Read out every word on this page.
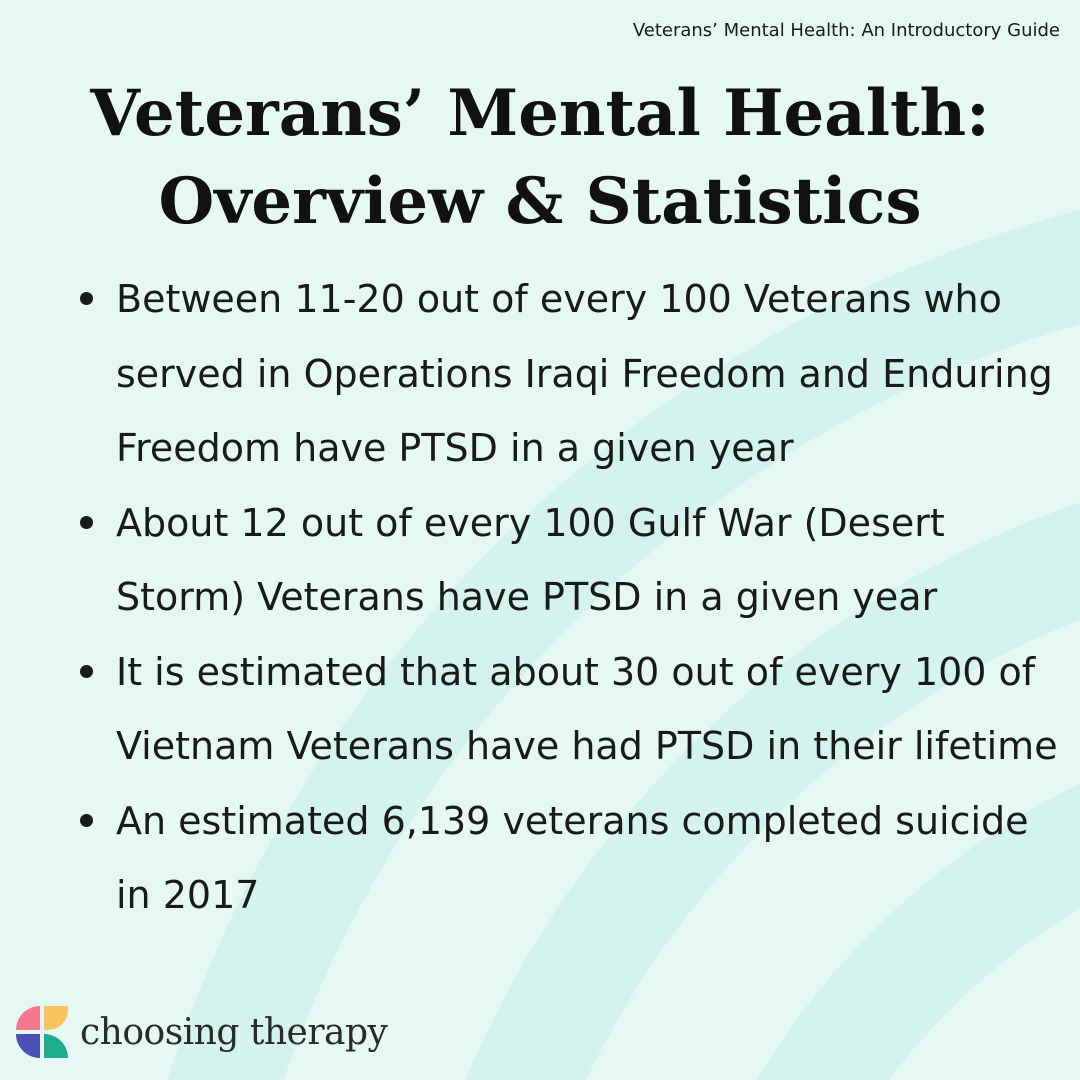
Veterans’ Mental Health: An Introductory Guide
Veterans’ Mental Health:
Overview & Statistics
Between 11-20 out of every 100 Veterans who served in Operations Iraqi Freedom and Enduring Freedom have PTSD in a given year
About 12 out of every 100 Gulf War (Desert Storm) Veterans have PTSD in a given year
It is estimated that about 30 out of every 100 of Vietnam Veterans have had PTSD in their lifetime
An estimated 6,139 veterans completed suicide in 2017
choosing therapy
